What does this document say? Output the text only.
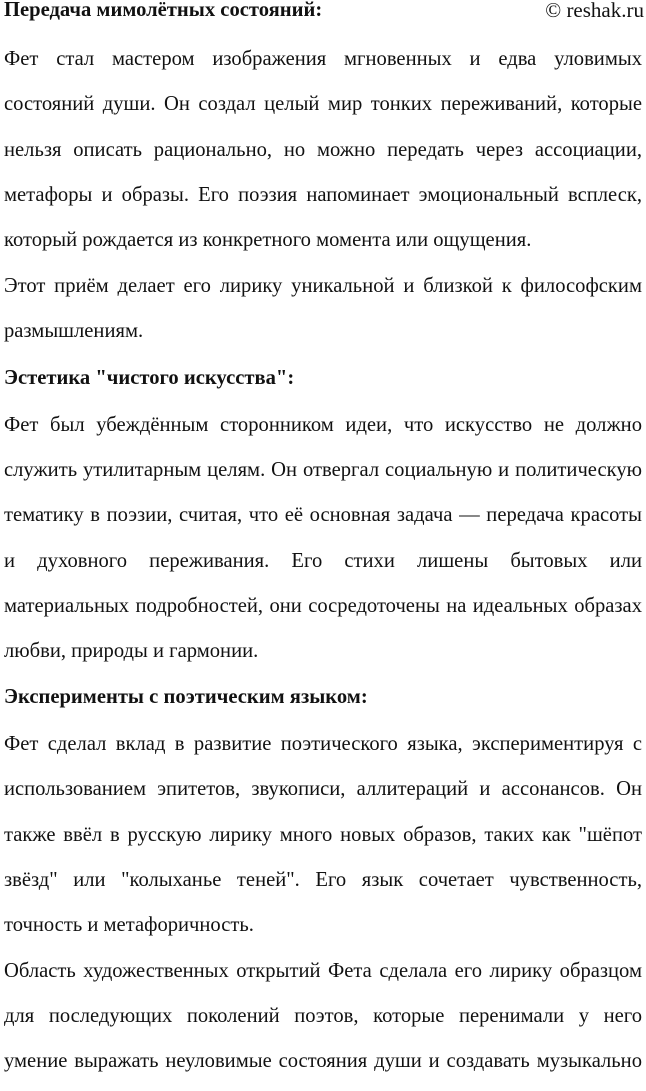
© reshak.ru
Передача мимолётных состояний:
Фет стал мастером изображения мгновенных и едва уловимых
состояний души. Он создал целый мир тонких переживаний, которые
нельзя описать рационально, но можно передать через ассоциации,
метафоры и образы. Его поэзия напоминает эмоциональный всплеск,
который рождается из конкретного момента или ощущения.
Этот приём делает его лирику уникальной и близкой к философским
размышлениям.
Эстетика "чистого искусства":
Фет был убеждённым сторонником идеи, что искусство не должно
служить утилитарным целям. Он отвергал социальную и политическую
тематику в поэзии, считая, что её основная задача — передача красоты
и духовного переживания. Его стихи лишены бытовых или
материальных подробностей, они сосредоточены на идеальных образах
любви, природы и гармонии.
Эксперименты с поэтическим языком:
Фет сделал вклад в развитие поэтического языка, экспериментируя с
использованием эпитетов, звукописи, аллитераций и ассонансов. Он
также ввёл в русскую лирику много новых образов, таких как "шёпот
звёзд" или "колыханье теней". Его язык сочетает чувственность,
точность и метафоричность.
Область художественных открытий Фета сделала его лирику образцом
для последующих поколений поэтов, которые перенимали у него
умение выражать неуловимые состояния души и создавать музыкально
